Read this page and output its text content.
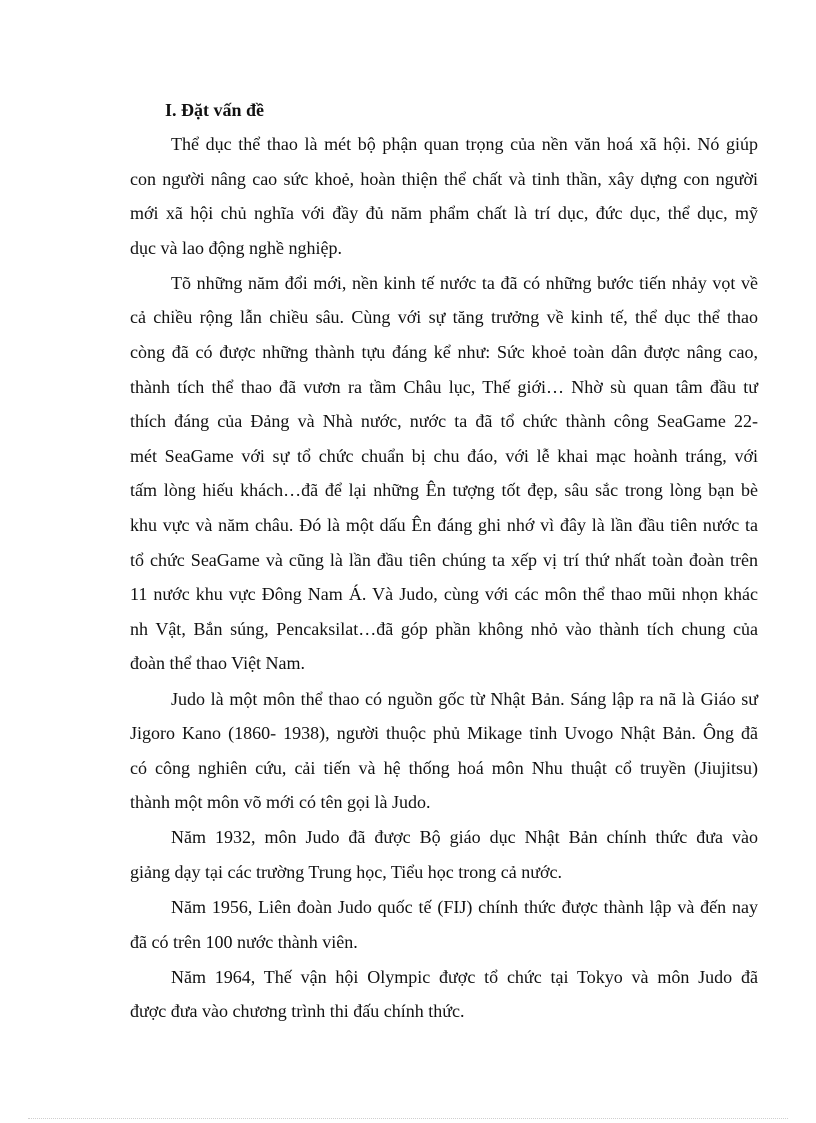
I. Đặt vấn đề
Thể dục thể thao là mét bộ phận quan trọng của nền văn hoá xã hội. Nó giúp
con người nâng cao sức khoẻ, hoàn thiện thể chất và tinh thần, xây dựng con người
mới xã hội chủ nghĩa với đầy đủ năm phẩm chất là trí dục, đức dục, thể dục, mỹ
dục và lao động nghề nghiệp.
Tõ những năm đổi mới, nền kinh tế nước ta đã có những bước tiến nhảy vọt về
cả chiều rộng lẫn chiều sâu. Cùng với sự tăng trưởng về kinh tế, thể dục thể thao
còng đã có được những thành tựu đáng kể như: Sức khoẻ toàn dân được nâng cao,
thành tích thể thao đã vươn ra tầm Châu lục, Thế giới… Nhờ sù quan tâm đầu tư
thích đáng của Đảng và Nhà nước, nước ta đã tổ chức thành công SeaGame 22-
mét SeaGame với sự tổ chức chuẩn bị chu đáo, với lễ khai mạc hoành tráng, với
tấm lòng hiếu khách…đã để lại những Ên tượng tốt đẹp, sâu sắc trong lòng bạn bè
khu vực và năm châu. Đó là một dấu Ên đáng ghi nhớ vì đây là lần đầu tiên nước ta
tổ chức SeaGame và cũng là lần đầu tiên chúng ta xếp vị trí thứ nhất toàn đoàn trên
11 nước khu vực Đông Nam Á. Và Judo, cùng với các môn thể thao mũi nhọn khác
nh Vật, Bắn súng, Pencaksilat…đã góp phần không nhỏ vào thành tích chung của
đoàn thể thao Việt Nam.
Judo là một môn thể thao có nguồn gốc từ Nhật Bản. Sáng lập ra nã là Giáo sư
Jigoro Kano (1860- 1938), người thuộc phủ Mikage tỉnh Uvogo Nhật Bản. Ông đã
có công nghiên cứu, cải tiến và hệ thống hoá môn Nhu thuật cổ truyền (Jiujitsu)
thành một môn võ mới có tên gọi là Judo.
Năm 1932, môn Judo đã được Bộ giáo dục Nhật Bản chính thức đưa vào
giảng dạy tại các trường Trung học, Tiểu học trong cả nước.
Năm 1956, Liên đoàn Judo quốc tế (FIJ) chính thức được thành lập và đến nay
đã có trên 100 nước thành viên.
Năm 1964, Thế vận hội Olympic được tổ chức tại Tokyo và môn Judo đã
được đưa vào chương trình thi đấu chính thức.
